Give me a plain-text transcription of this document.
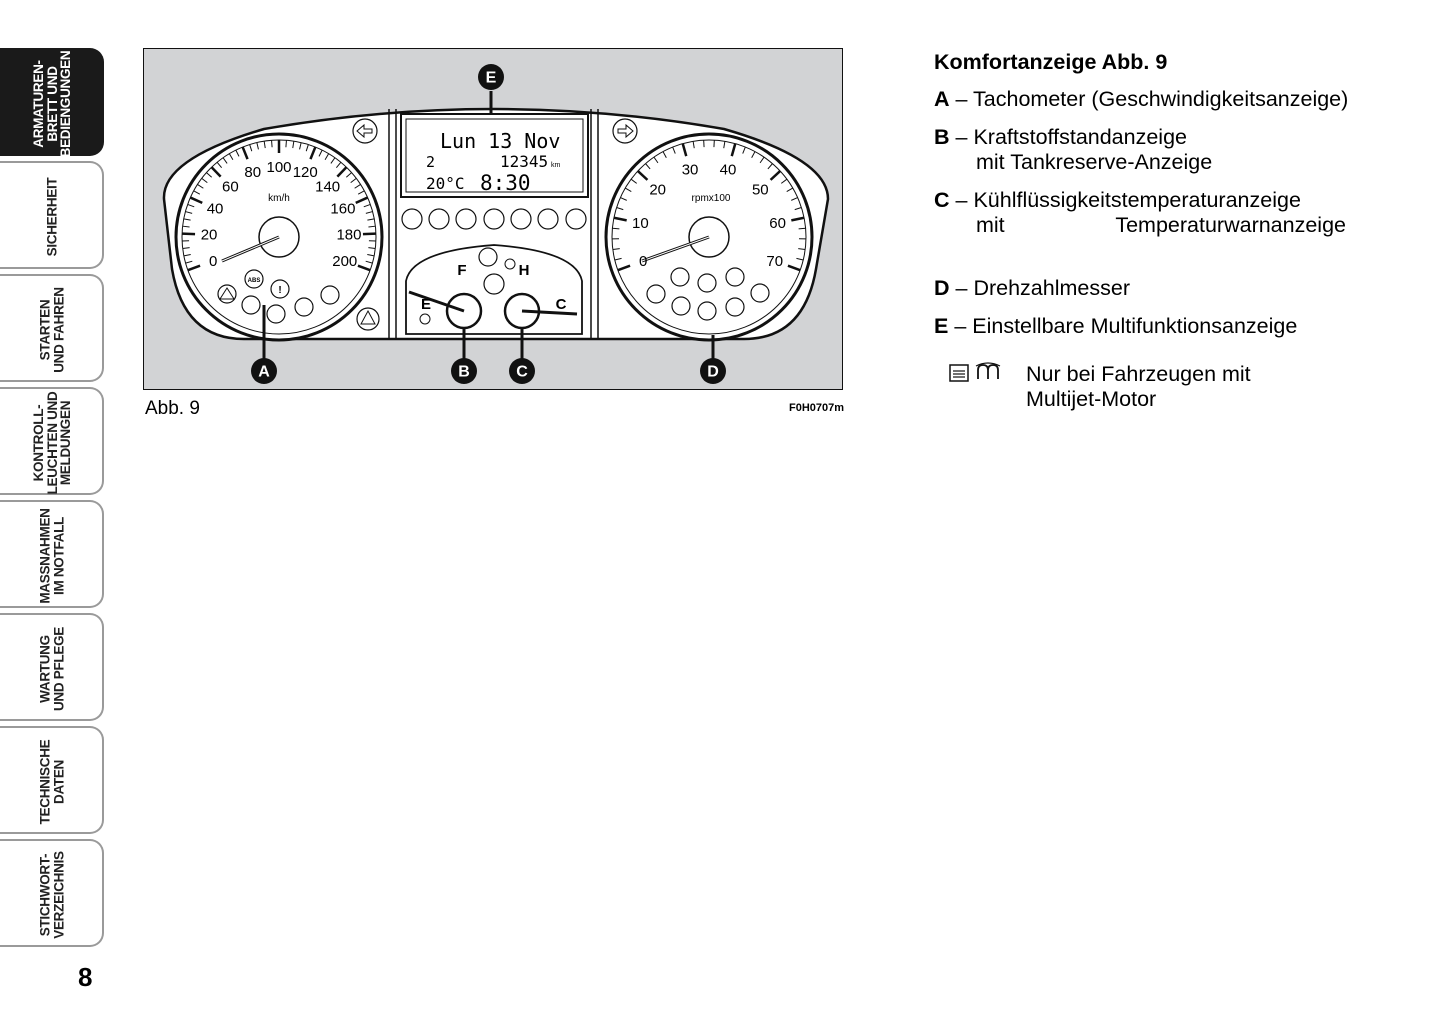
ARMATUREN-
BRETT UND
BEDIENGUNGEN
SICHERHEIT
STARTEN
UND FAHREN
KONTROLL-
LEUCHTEN UND
MELDUNGEN
MASSNAHMEN
IM NOTFALL
WARTUNG
UND PFLEGE
TECHNISCHE
DATEN
STICHWORT-
VERZEICHNIS
8
km/h
0
20
40
60
80 100 120
140
160
180
200
ABS
!
rpmx100
0
10
20
30 40
50
60
70
Lun 13 Nov
2	12345 km
20°C 8:30
F
E
H
C
E
A	B	C	D
Abb. 9	F0H0707m
Komfortanzeige Abb. 9
A – Tachometer (Geschwindigkeitsanzeige)
B – Kraftstoffstandanzeige
mit Tankreserve-Anzeige
C – Kühlflüssigkeitstemperaturanzeige
mit	Temperaturwarnanzeige
D – Drehzahlmesser
E – Einstellbare Multifunktionsanzeige
Nur bei Fahrzeugen mit
Multijet-Motor
